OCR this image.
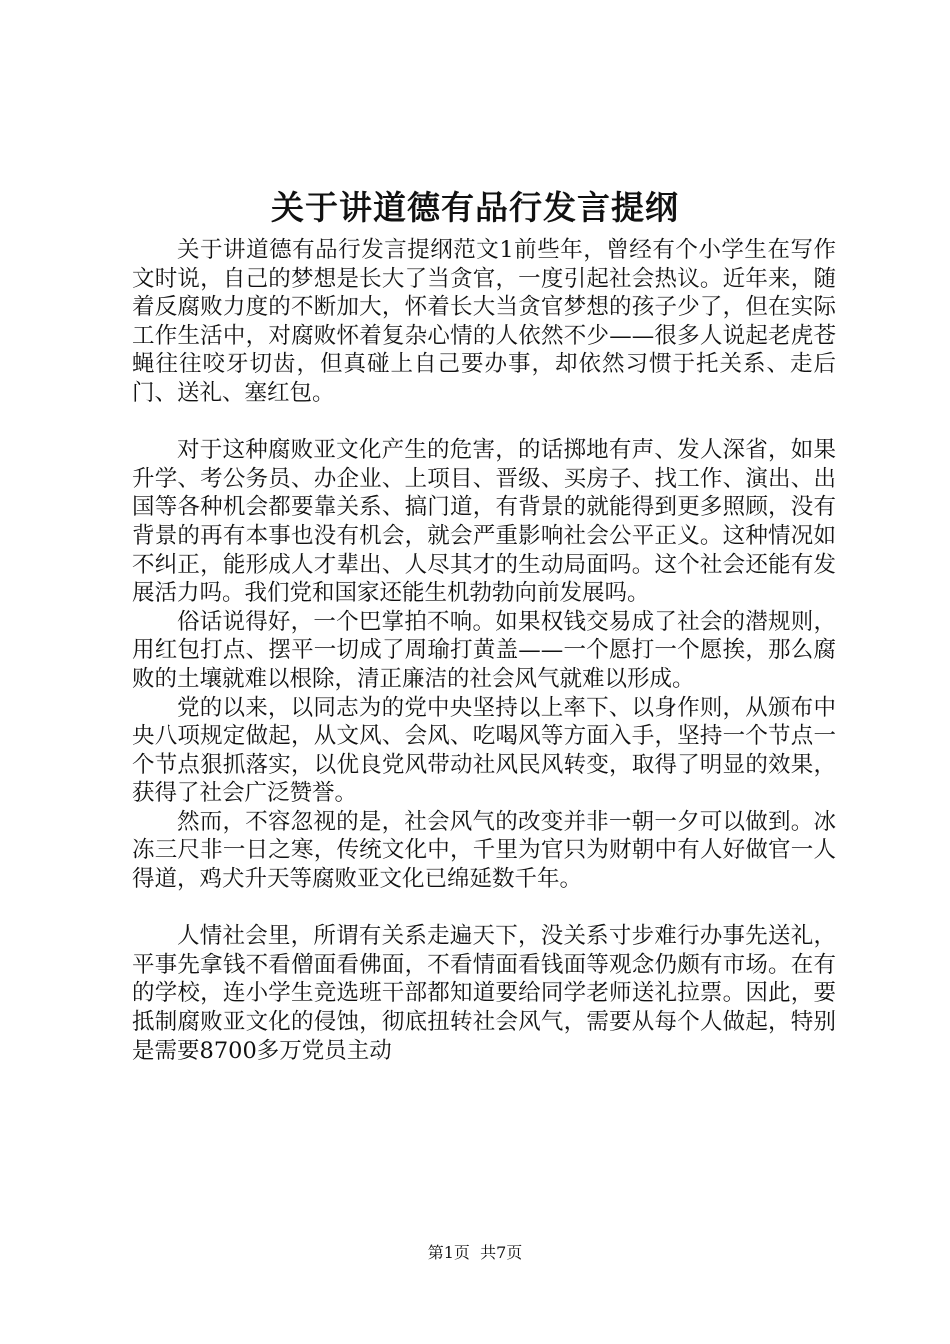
关于讲道德有品行发言提纲

关于讲道德有品行发言提纲范文1前些年，曾经有个小学生在写作文时说，自己的梦想是长大了当贪官，一度引起社会热议。近年来，随着反腐败力度的不断加大，怀着长大当贪官梦想的孩子少了，但在实际工作生活中，对腐败怀着复杂心情的人依然不少——很多人说起老虎苍蝇往往咬牙切齿，但真碰上自己要办事，却依然习惯于托关系、走后门、送礼、塞红包。

对于这种腐败亚文化产生的危害，的话掷地有声、发人深省，如果升学、考公务员、办企业、上项目、晋级、买房子、找工作、演出、出国等各种机会都要靠关系、搞门道，有背景的就能得到更多照顾，没有背景的再有本事也没有机会，就会严重影响社会公平正义。这种情况如不纠正，能形成人才辈出、人尽其才的生动局面吗。这个社会还能有发展活力吗。我们党和国家还能生机勃勃向前发展吗。

俗话说得好，一个巴掌拍不响。如果权钱交易成了社会的潜规则，用红包打点、摆平一切成了周瑜打黄盖——一个愿打一个愿挨，那么腐败的土壤就难以根除，清正廉洁的社会风气就难以形成。

党的以来，以同志为的党中央坚持以上率下、以身作则，从颁布中央八项规定做起，从文风、会风、吃喝风等方面入手，坚持一个节点一个节点狠抓落实，以优良党风带动社风民风转变，取得了明显的效果，获得了社会广泛赞誉。

然而，不容忽视的是，社会风气的改变并非一朝一夕可以做到。冰冻三尺非一日之寒，传统文化中，千里为官只为财朝中有人好做官一人得道，鸡犬升天等腐败亚文化已绵延数千年。

人情社会里，所谓有关系走遍天下，没关系寸步难行办事先送礼，平事先拿钱不看僧面看佛面，不看情面看钱面等观念仍颇有市场。在有的学校，连小学生竞选班干部都知道要给同学老师送礼拉票。因此，要抵制腐败亚文化的侵蚀，彻底扭转社会风气，需要从每个人做起，特别是需要8700多万党员主动

第1页 共7页
